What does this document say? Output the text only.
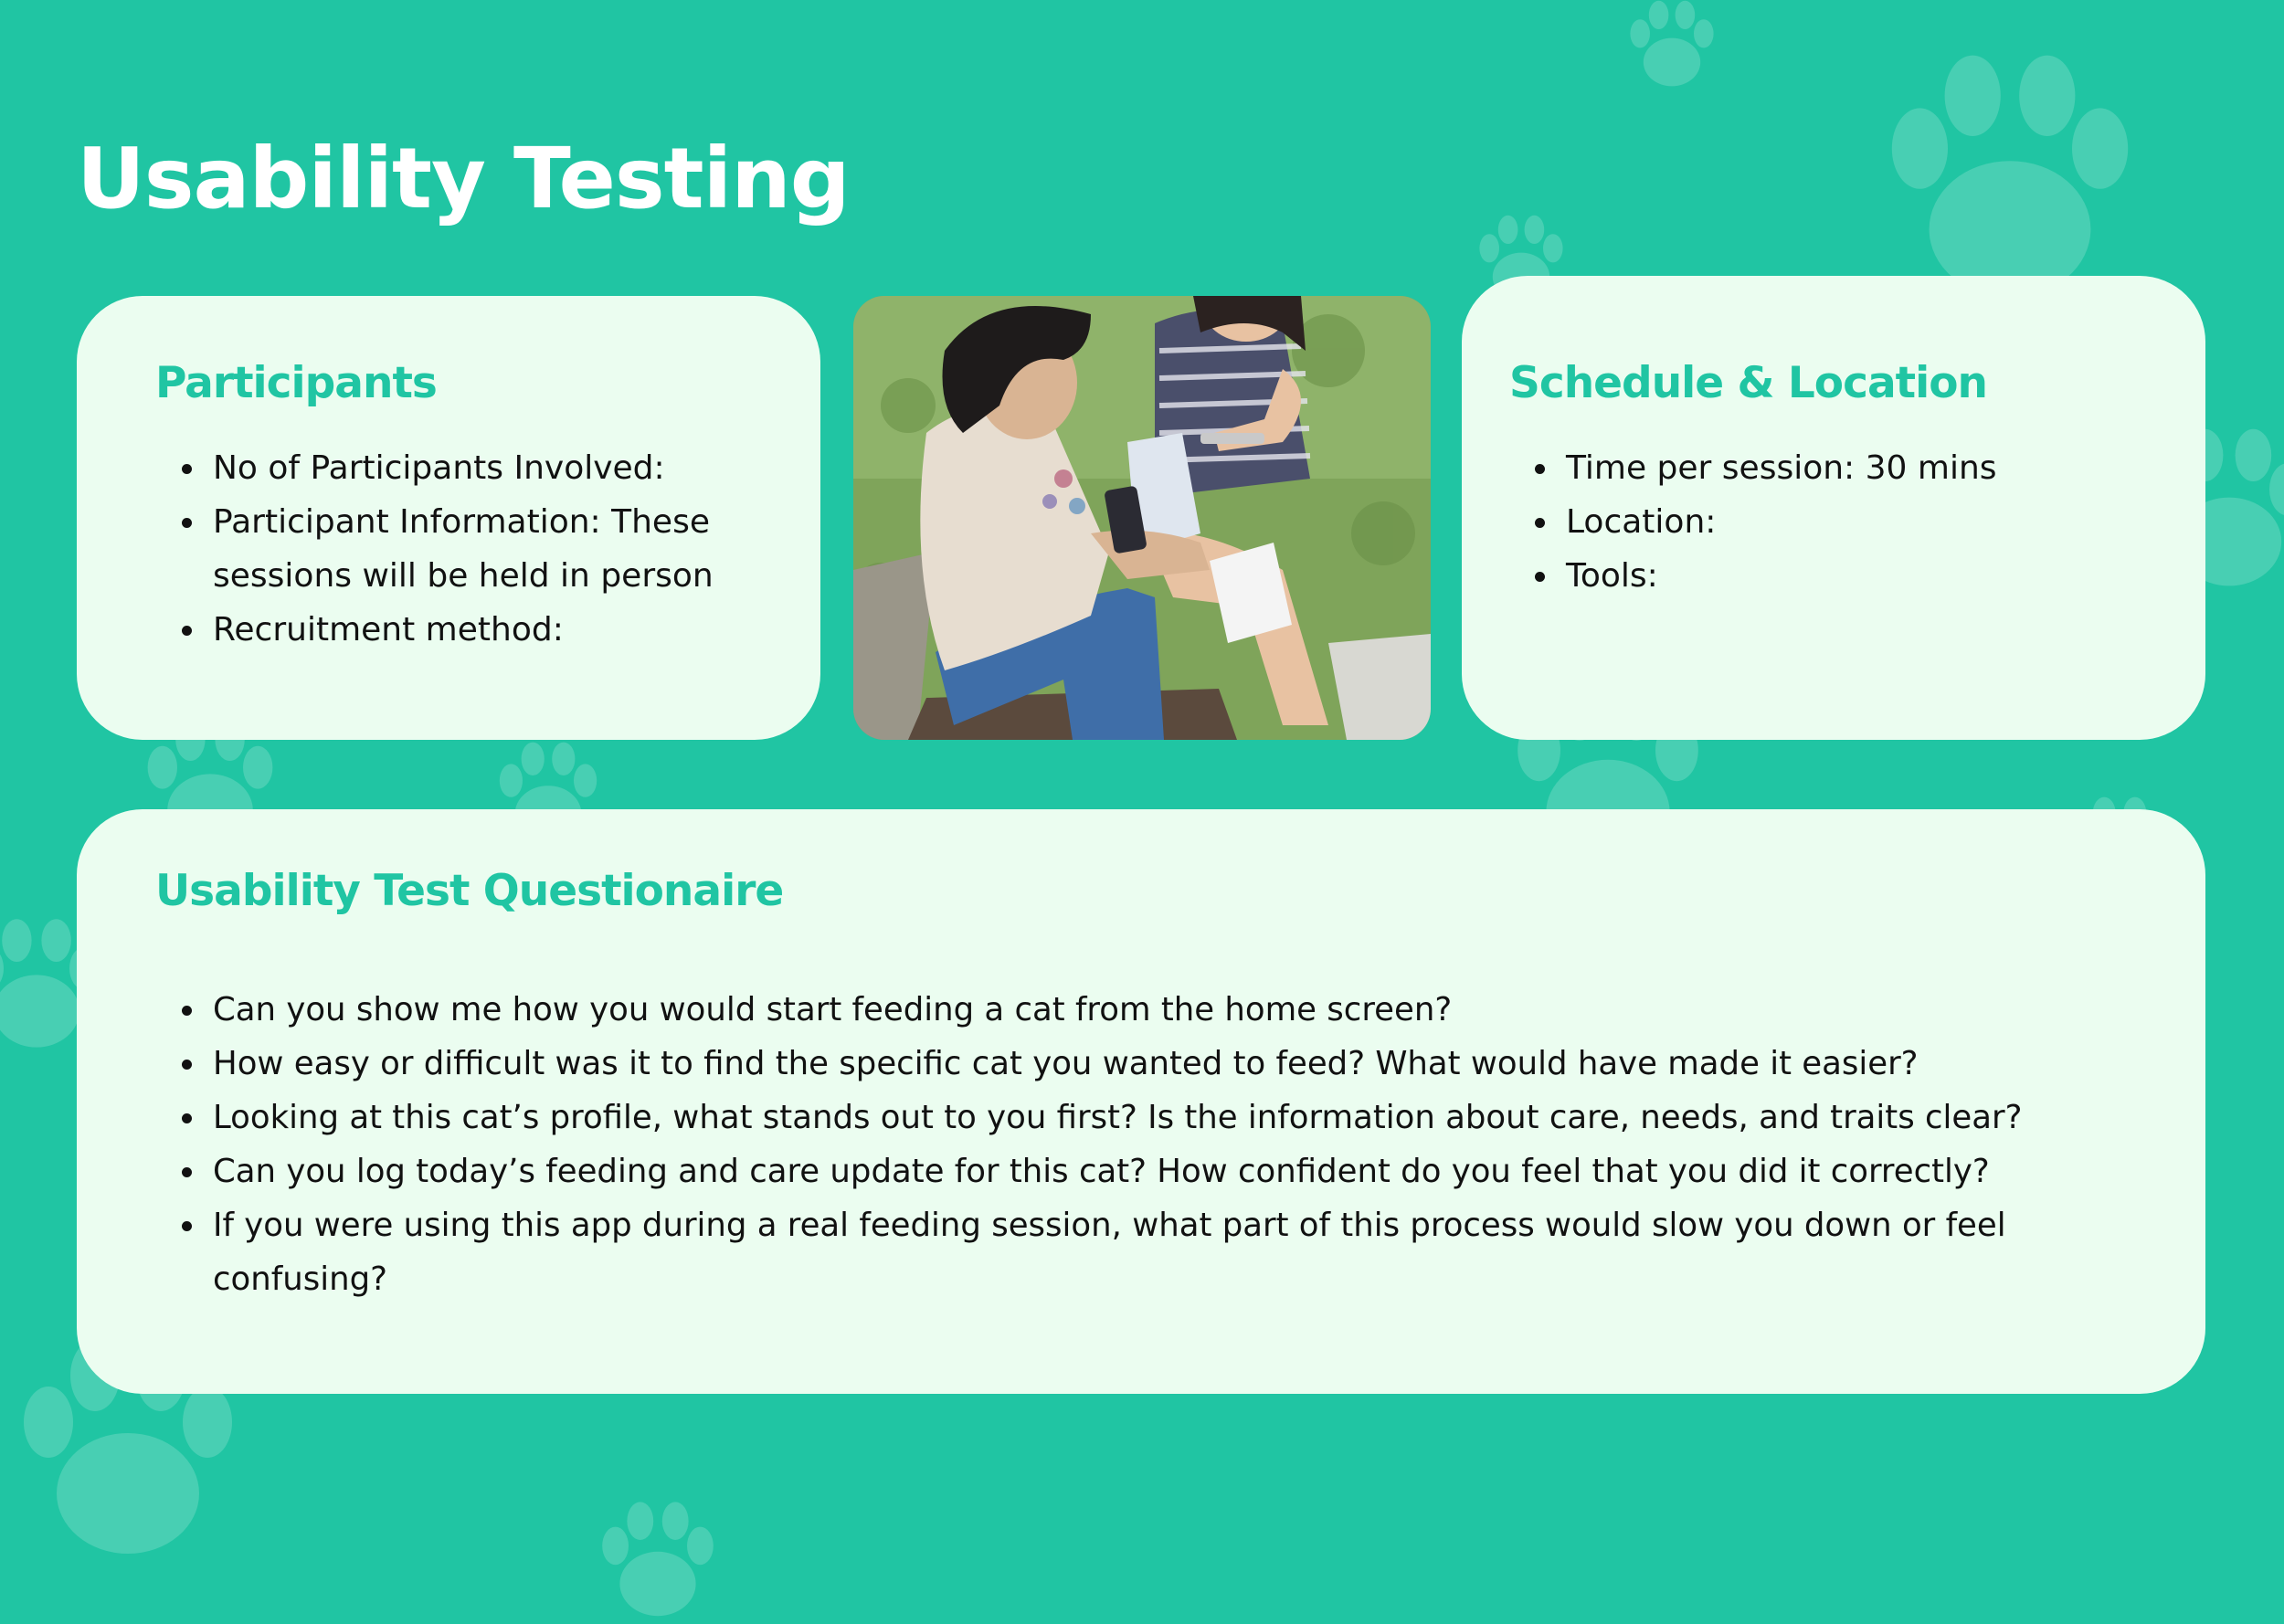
Usability Testing
Participants
No of Participants Involved:
Participant Information: These sessions will be held in person
Recruitment method:
Schedule & Location
Time per session: 30 mins
Location:
Tools:
Usability Test Questionaire
Can you show me how you would start feeding a cat from the home screen?
How easy or difficult was it to find the specific cat you wanted to feed? What would have made it easier?
Looking at this cat’s profile, what stands out to you first? Is the information about care, needs, and traits clear?
Can you log today’s feeding and care update for this cat? How confident do you feel that you did it correctly?
If you were using this app during a real feeding session, what part of this process would slow you down or feel confusing?
